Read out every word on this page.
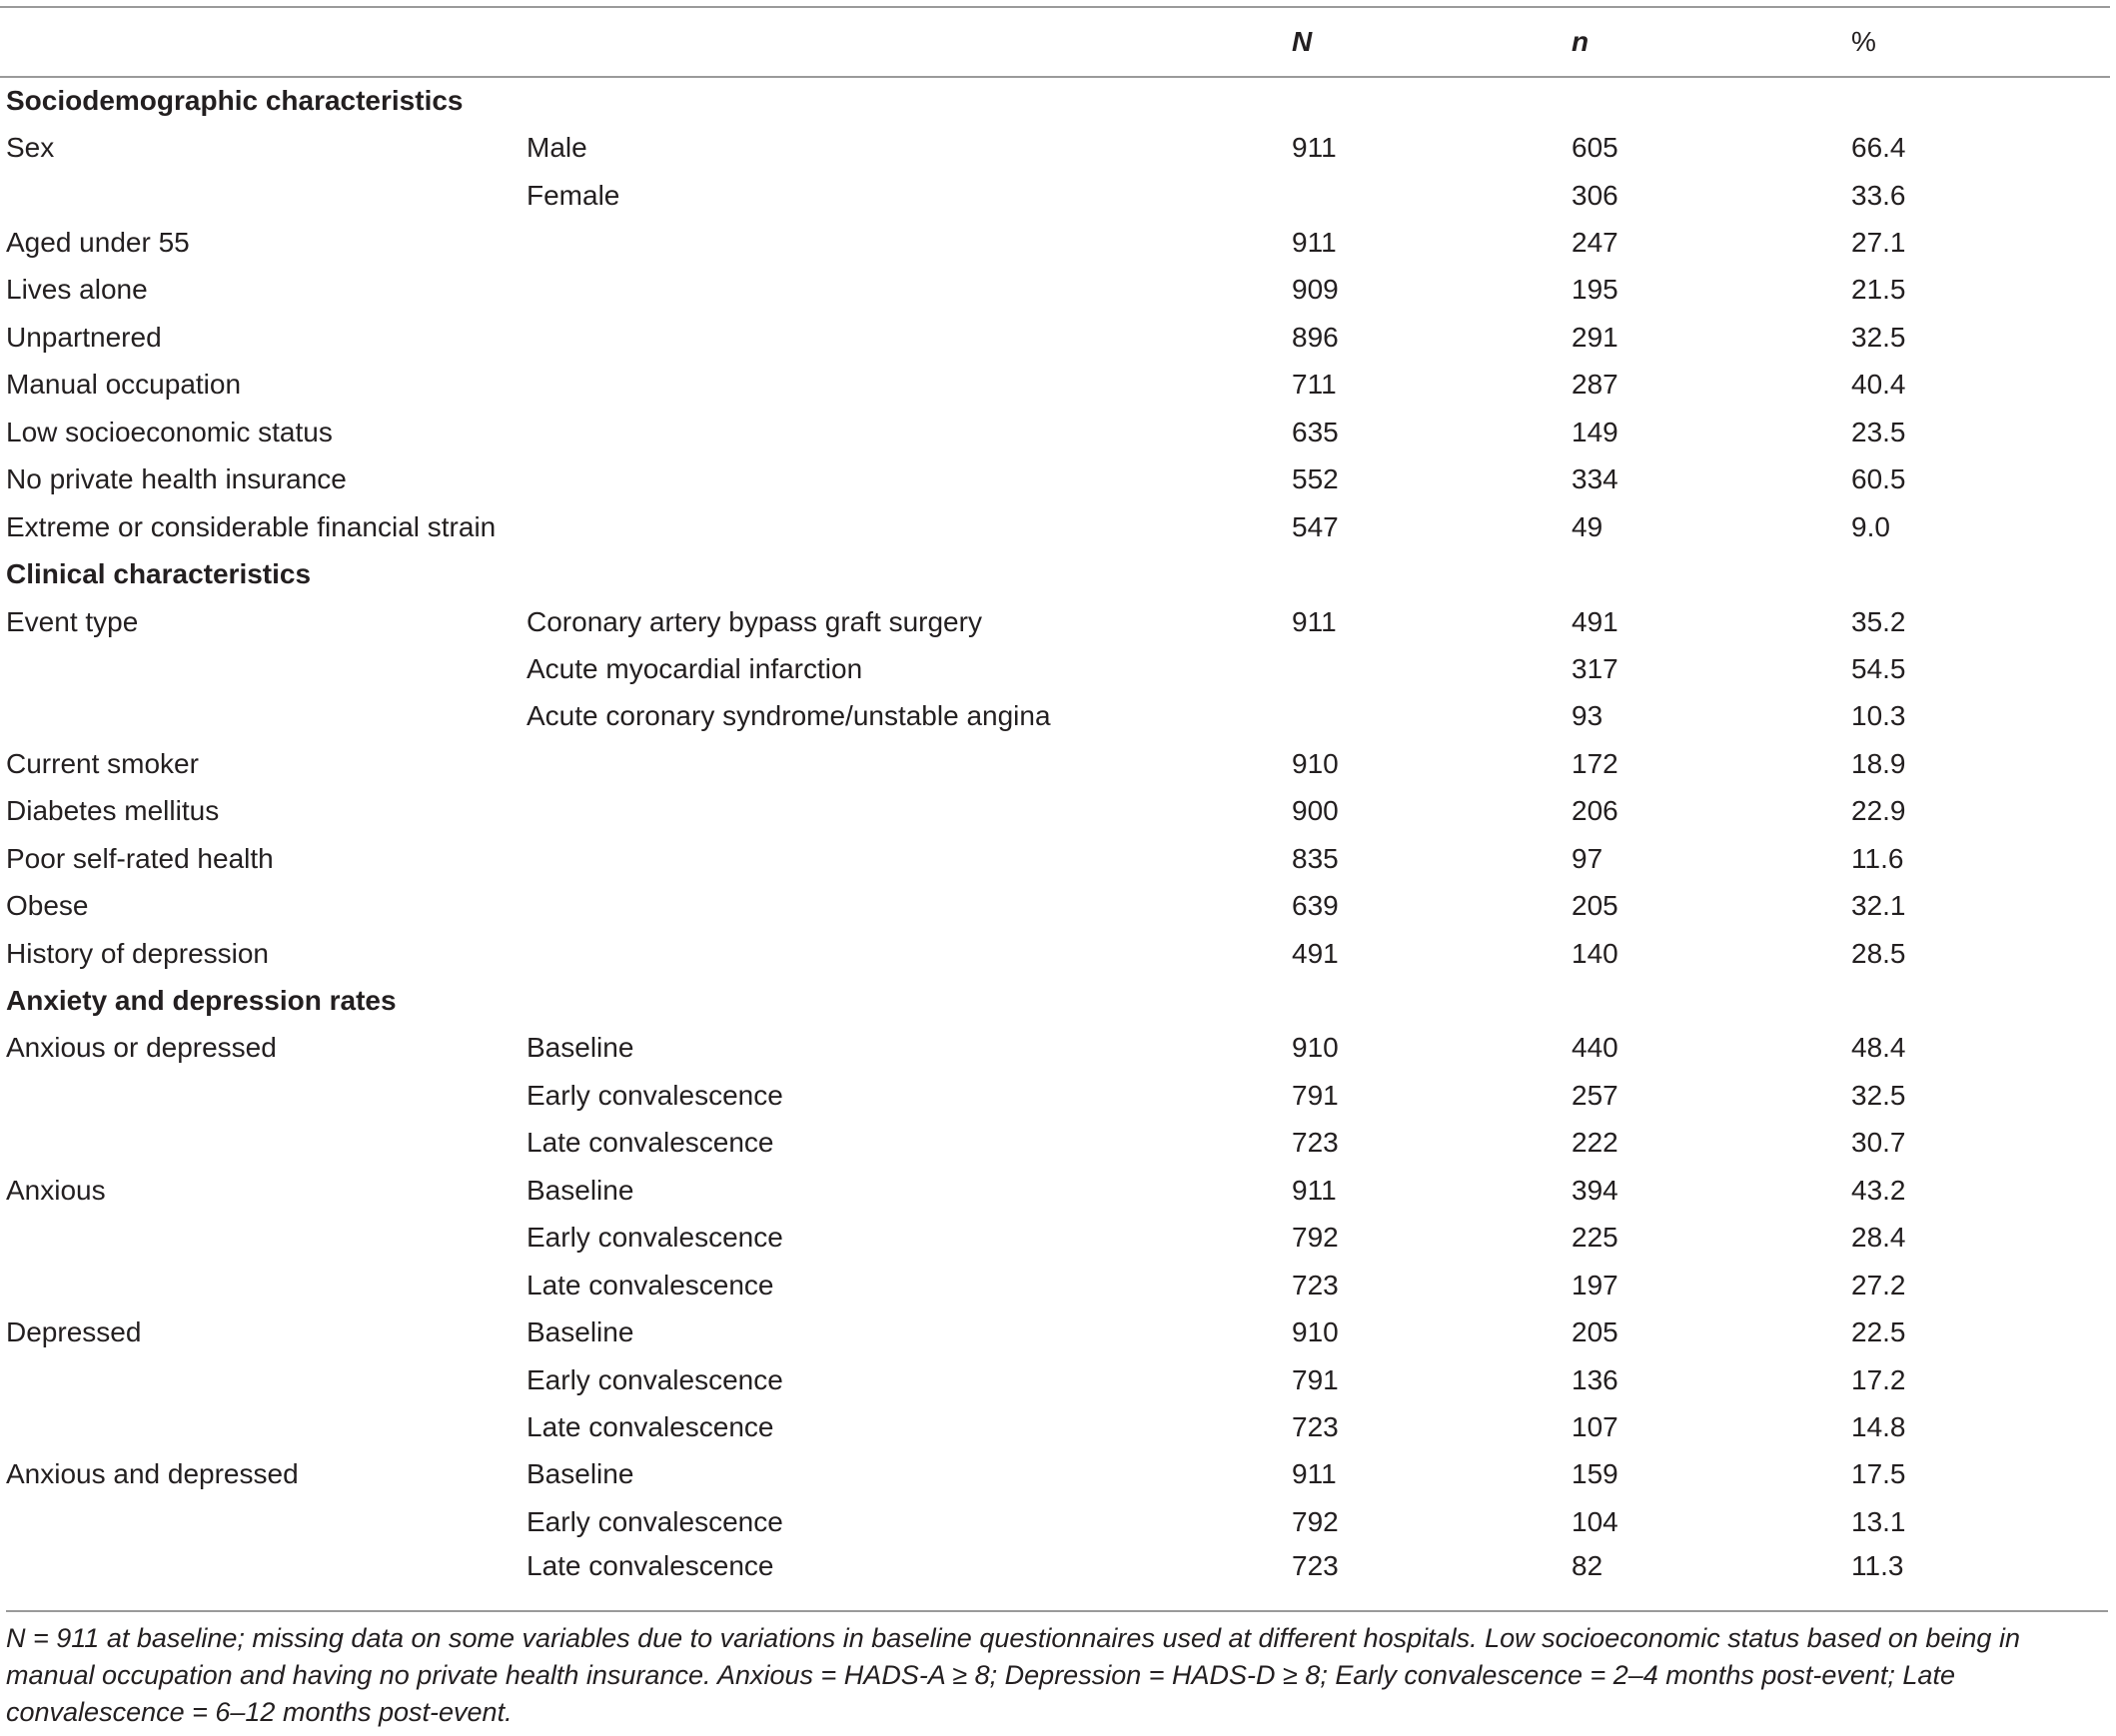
		N	n	%
Sociodemographic characteristics				
Sex	Male	911	605	66.4
	Female		306	33.6
Aged under 55		911	247	27.1
Lives alone		909	195	21.5
Unpartnered		896	291	32.5
Manual occupation		711	287	40.4
Low socioeconomic status		635	149	23.5
No private health insurance		552	334	60.5
Extreme or considerable financial strain		547	49	9.0
Clinical characteristics				
Event type	Coronary artery bypass graft surgery	911	491	35.2
	Acute myocardial infarction		317	54.5
	Acute coronary syndrome/unstable angina		93	10.3
Current smoker		910	172	18.9
Diabetes mellitus		900	206	22.9
Poor self-rated health		835	97	11.6
Obese		639	205	32.1
History of depression		491	140	28.5
Anxiety and depression rates				
Anxious or depressed	Baseline	910	440	48.4
	Early convalescence	791	257	32.5
	Late convalescence	723	222	30.7
Anxious	Baseline	911	394	43.2
	Early convalescence	792	225	28.4
	Late convalescence	723	197	27.2
Depressed	Baseline	910	205	22.5
	Early convalescence	791	136	17.2
	Late convalescence	723	107	14.8
Anxious and depressed	Baseline	911	159	17.5
	Early convalescence	792	104	13.1
	Late convalescence	723	82	11.3
N = 911 at baseline; missing data on some variables due to variations in baseline questionnaires used at different hospitals. Low socioeconomic status based on being in manual occupation and having no private health insurance. Anxious = HADS-A ≥ 8; Depression = HADS-D ≥ 8; Early convalescence = 2–4 months post-event; Late convalescence = 6–12 months post-event.
